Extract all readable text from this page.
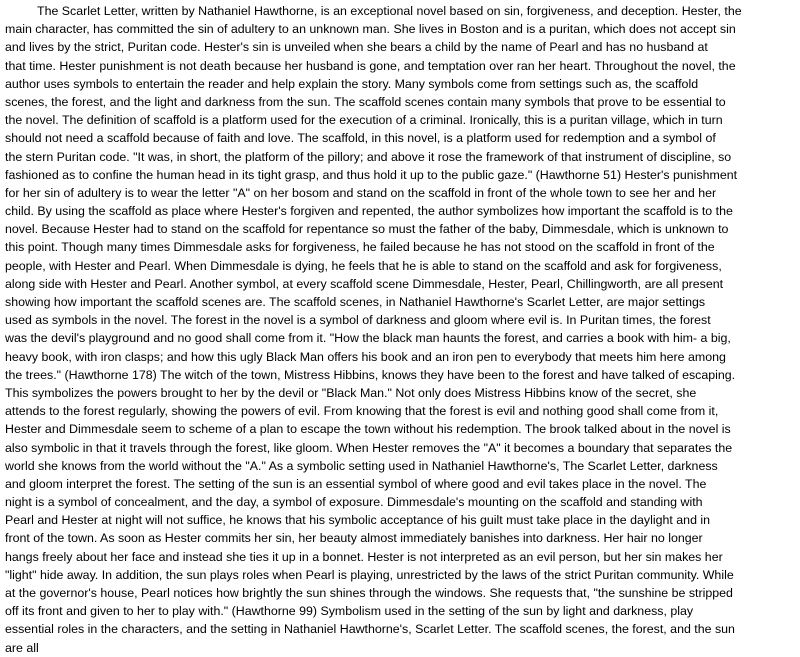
The Scarlet Letter, written by Nathaniel Hawthorne, is an exceptional novel based on sin, forgiveness, and deception. Hester, the
main character, has committed the sin of adultery to an unknown man. She lives in Boston and is a puritan, which does not accept sin
and lives by the strict, Puritan code. Hester's sin is unveiled when she bears a child by the name of Pearl and has no husband at
that time. Hester punishment is not death because her husband is gone, and temptation over ran her heart. Throughout the novel, the
author uses symbols to entertain the reader and help explain the story. Many symbols come from settings such as, the scaffold
scenes, the forest, and the light and darkness from the sun. The scaffold scenes contain many symbols that prove to be essential to
the novel. The definition of scaffold is a platform used for the execution of a criminal. Ironically, this is a puritan village, which in turn
should not need a scaffold because of faith and love. The scaffold, in this novel, is a platform used for redemption and a symbol of
the stern Puritan code. "It was, in short, the platform of the pillory; and above it rose the framework of that instrument of discipline, so
fashioned as to confine the human head in its tight grasp, and thus hold it up to the public gaze." (Hawthorne 51) Hester's punishment
for her sin of adultery is to wear the letter "A" on her bosom and stand on the scaffold in front of the whole town to see her and her
child. By using the scaffold as place where Hester's forgiven and repented, the author symbolizes how important the scaffold is to the
novel. Because Hester had to stand on the scaffold for repentance so must the father of the baby, Dimmesdale, which is unknown to
this point. Though many times Dimmesdale asks for forgiveness, he failed because he has not stood on the scaffold in front of the
people, with Hester and Pearl. When Dimmesdale is dying, he feels that he is able to stand on the scaffold and ask for forgiveness,
along side with Hester and Pearl. Another symbol, at every scaffold scene Dimmesdale, Hester, Pearl, Chillingworth, are all present
showing how important the scaffold scenes are. The scaffold scenes, in Nathaniel Hawthorne's Scarlet Letter, are major settings
used as symbols in the novel. The forest in the novel is a symbol of darkness and gloom where evil is. In Puritan times, the forest
was the devil's playground and no good shall come from it. "How the black man haunts the forest, and carries a book with him- a big,
heavy book, with iron clasps; and how this ugly Black Man offers his book and an iron pen to everybody that meets him here among
the trees." (Hawthorne 178) The witch of the town, Mistress Hibbins, knows they have been to the forest and have talked of escaping.
This symbolizes the powers brought to her by the devil or "Black Man." Not only does Mistress Hibbins know of the secret, she
attends to the forest regularly, showing the powers of evil. From knowing that the forest is evil and nothing good shall come from it,
Hester and Dimmesdale seem to scheme of a plan to escape the town without his redemption. The brook talked about in the novel is
also symbolic in that it travels through the forest, like gloom. When Hester removes the "A" it becomes a boundary that separates the
world she knows from the world without the "A." As a symbolic setting used in Nathaniel Hawthorne's, The Scarlet Letter, darkness
and gloom interpret the forest. The setting of the sun is an essential symbol of where good and evil takes place in the novel. The
night is a symbol of concealment, and the day, a symbol of exposure. Dimmesdale's mounting on the scaffold and standing with
Pearl and Hester at night will not suffice, he knows that his symbolic acceptance of his guilt must take place in the daylight and in
front of the town. As soon as Hester commits her sin, her beauty almost immediately banishes into darkness. Her hair no longer
hangs freely about her face and instead she ties it up in a bonnet. Hester is not interpreted as an evil person, but her sin makes her
"light" hide away. In addition, the sun plays roles when Pearl is playing, unrestricted by the laws of the strict Puritan community. While
at the governor's house, Pearl notices how brightly the sun shines through the windows. She requests that, "the sunshine be stripped
off its front and given to her to play with." (Hawthorne 99) Symbolism used in the setting of the sun by light and darkness, play
essential roles in the characters, and the setting in Nathaniel Hawthorne's, Scarlet Letter. The scaffold scenes, the forest, and the sun
are all
